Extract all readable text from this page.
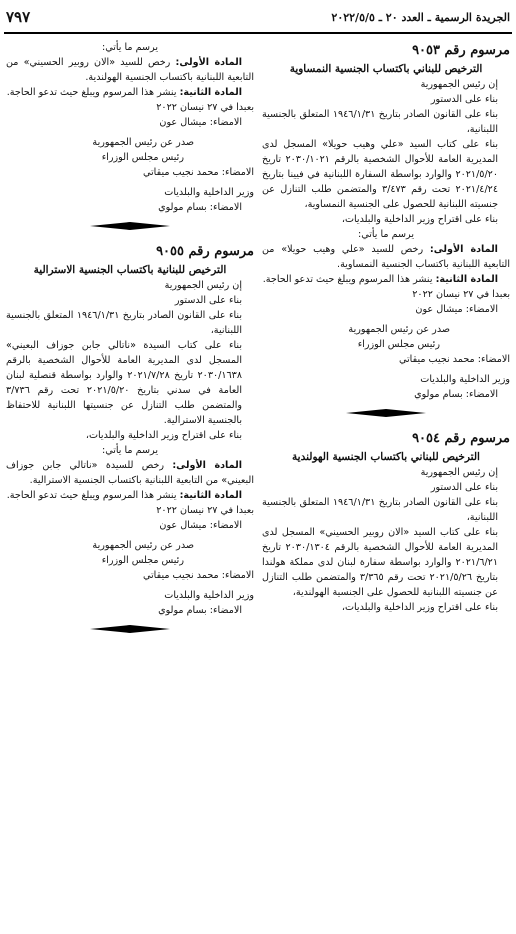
الجريدة الرسمية ـ العدد ٢٠ ـ ٢٠٢٢/٥/٥
٧٩٧

مرسوم رقم ٩٠٥٣

الترخيص للبناني باكتساب الجنسية النمساوية

إن رئيس الجمهورية

بناء على الدستور

بناء على القانون الصادر بتاريخ ١٩٤٦/١/٣١ المتعلق بالجنسية اللبنانية،

بناء على كتاب السيد «علي وهيب حويلا» المسجل لدى المديرية العامة للأحوال الشخصية بالرقم ٢٠٣٠/١٠٢١ تاريخ ٢٠٢١/٥/٢٠ والوارد بواسطة السفارة اللبنانية في فيينا بتاريخ ٢٠٢١/٤/٢٤ تحت رقم ٣/٤٧٣ والمتضمن طلب التنازل عن جنسيته اللبنانية للحصول على الجنسية النمساوية،

بناء على اقتراح وزير الداخلية والبلديات،

يرسم ما يأتي:

المادة الأولى: رخص للسيد «علي وهيب حويلا» من التابعية اللبنانية باكتساب الجنسية النمساوية.

المادة الثانية: ينشر هذا المرسوم ويبلغ حيث تدعو الحاجة.

بعبدا في ٢٧ نيسان ٢٠٢٢

الامضاء: ميشال عون

صدر عن رئيس الجمهورية

رئيس مجلس الوزراء

الامضاء: محمد نجيب ميقاتي

وزير الداخلية والبلديات

الامضاء: بسام مولوي

مرسوم رقم ٩٠٥٤

الترخيص للبناني باكتساب الجنسية الهولندية

إن رئيس الجمهورية

بناء على الدستور

بناء على القانون الصادر بتاريخ ١٩٤٦/١/٣١ المتعلق بالجنسية اللبنانية،

بناء على كتاب السيد «الان روبير الحسيني» المسجل لدى المديرية العامة للأحوال الشخصية بالرقم ٢٠٣٠/١٣٠٤ تاريخ ٢٠٢١/٦/٢١ والوارد بواسطة سفارة لبنان لدى مملكة هولندا بتاريخ ٢٠٢١/٥/٢٦ تحت رقم ٣/٣٦٥ والمتضمن طلب التنازل عن جنسيته اللبنانية للحصول على الجنسية الهولندية،

بناء على اقتراح وزير الداخلية والبلديات،

يرسم ما يأتي:

المادة الأولى: رخص للسيد «الان روبير الحسيني» من التابعية اللبنانية باكتساب الجنسية الهولندية.

المادة الثانية: ينشر هذا المرسوم ويبلغ حيث تدعو الحاجة.

بعبدا في ٢٧ نيسان ٢٠٢٢

الامضاء: ميشال عون

صدر عن رئيس الجمهورية

رئيس مجلس الوزراء

الامضاء: محمد نجيب ميقاتي

وزير الداخلية والبلديات

الامضاء: بسام مولوي

مرسوم رقم ٩٠٥٥

الترخيص للبنانية باكتساب الجنسية الاسترالية

إن رئيس الجمهورية

بناء على الدستور

بناء على القانون الصادر بتاريخ ١٩٤٦/١/٣١ المتعلق بالجنسية اللبنانية،

بناء على كتاب السيدة «ناتالي جابن جوزاف البعيني» المسجل لدى المديرية العامة للأحوال الشخصية بالرقم ٢٠٣٠/١٦٣٨ تاريخ ٢٠٢١/٧/٢٨ والوارد بواسطة قنصلية لبنان العامة في سدني بتاريخ ٢٠٢١/٥/٢٠ تحت رقم ٣/٧٣٦ والمتضمن طلب التنازل عن جنسيتها اللبنانية للاحتفاظ بالجنسية الاسترالية.

بناء على اقتراح وزير الداخلية والبلديات،

يرسم ما يأتي:

المادة الأولى: رخص للسيدة «ناتالي جابن جوزاف البعيني» من التابعية اللبنانية باكتساب الجنسية الاسترالية.

المادة الثانية: ينشر هذا المرسوم ويبلغ حيث تدعو الحاجة.

بعبدا في ٢٧ نيسان ٢٠٢٢

الامضاء: ميشال عون

صدر عن رئيس الجمهورية

رئيس مجلس الوزراء

الامضاء: محمد نجيب ميقاتي

وزير الداخلية والبلديات

الامضاء: بسام مولوي
